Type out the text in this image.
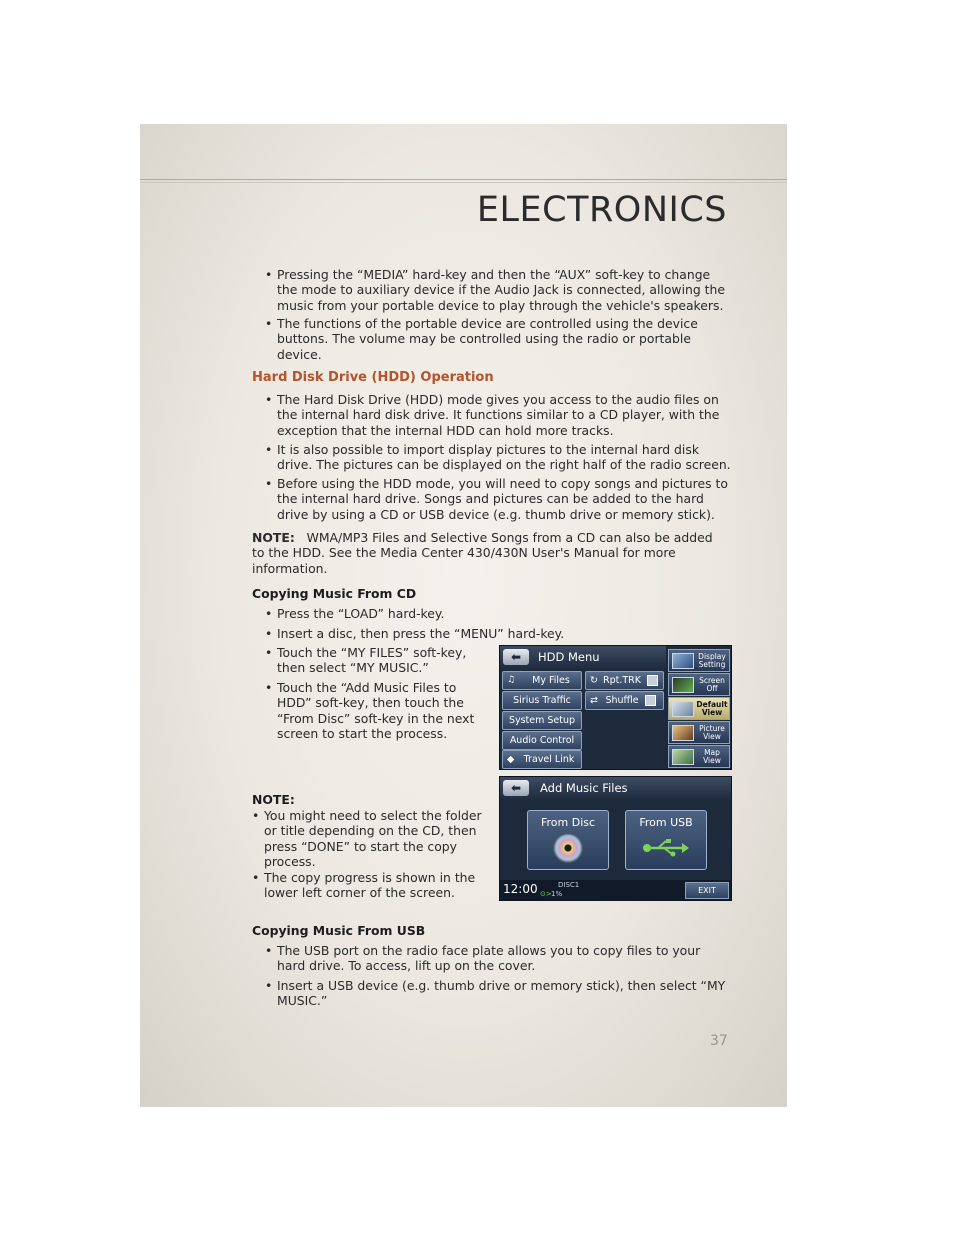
ELECTRONICS
• Pressing the “MEDIA” hard-key and then the “AUX” soft-key to change
the mode to auxiliary device if the Audio Jack is connected, allowing the
music from your portable device to play through the vehicle's speakers.
• The functions of the portable device are controlled using the device
buttons. The volume may be controlled using the radio or portable
device.
Hard Disk Drive (HDD) Operation
• The Hard Disk Drive (HDD) mode gives you access to the audio files on
the internal hard disk drive. It functions similar to a CD player, with the
exception that the internal HDD can hold more tracks.
• It is also possible to import display pictures to the internal hard disk
drive. The pictures can be displayed on the right half of the radio screen.
• Before using the HDD mode, you will need to copy songs and pictures to
the internal hard drive. Songs and pictures can be added to the hard
drive by using a CD or USB device (e.g. thumb drive or memory stick).
NOTE: WMA/MP3 Files and Selective Songs from a CD can also be added
to the HDD. See the Media Center 430/430N User's Manual for more
information.
Copying Music From CD
• Press the “LOAD” hard-key.
• Insert a disc, then press the “MENU” hard-key.
• Touch the “MY FILES” soft-key,
then select “MY MUSIC.”
• Touch the “Add Music Files to
HDD” soft-key, then touch the
“From Disc” soft-key in the next
screen to start the process.
NOTE:
• You might need to select the folder
or title depending on the CD, then
press “DONE” to start the copy
process.
• The copy progress is shown in the
lower left corner of the screen.
⬅	HDD Menu
♫ My Files
Sirius Traffic
System Setup
Audio Control
◆ Travel Link
↻ Rpt.TRK
⇄ Shuffle
Display
Setting
Screen
Off
Default
View
Picture
View
Map
View
⬅	Add Music Files
From Disc	From USB
12:00	DISC1
⊙> 1%	EXIT
Copying Music From USB
• The USB port on the radio face plate allows you to copy files to your
hard drive. To access, lift up on the cover.
• Insert a USB device (e.g. thumb drive or memory stick), then select “MY
MUSIC.”
37
